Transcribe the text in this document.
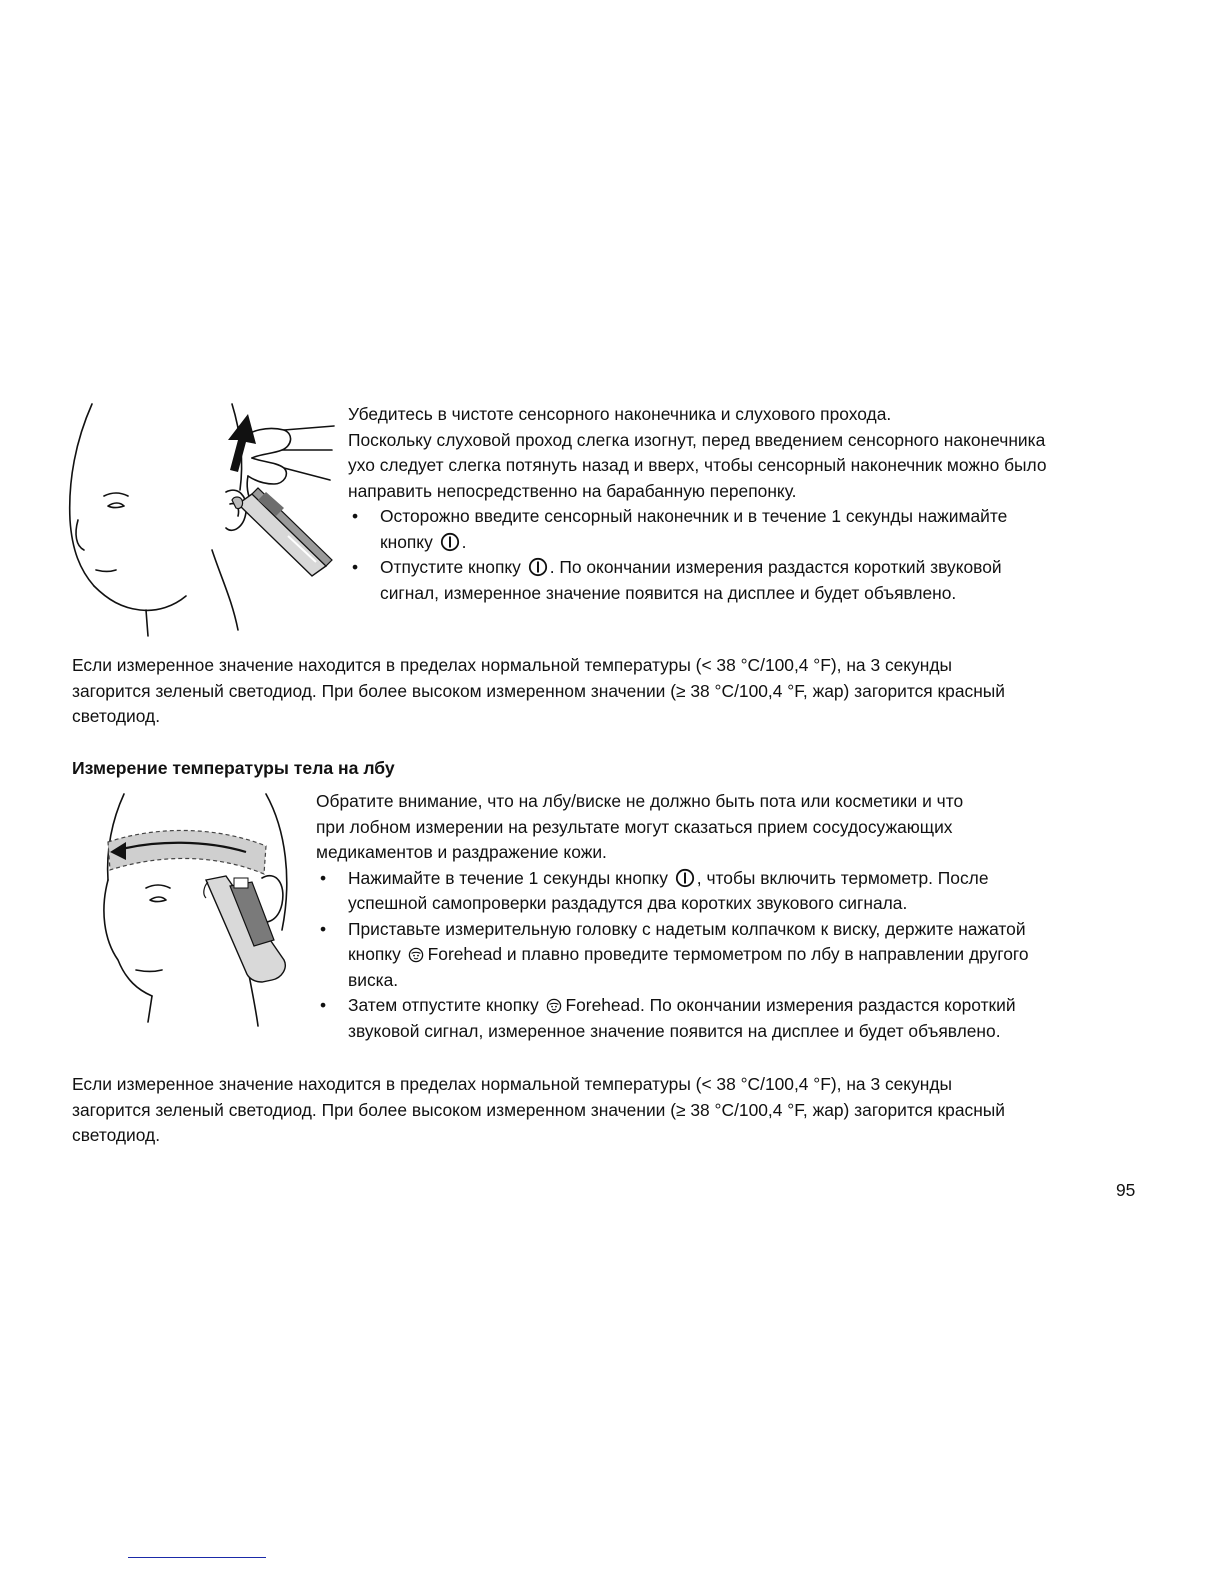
Убедитесь в чистоте сенсорного наконечника и слухового прохода.

Поскольку слуховой проход слегка изогнут, перед введением сенсорного наконечника

ухо следует слегка потянуть назад и вверх, чтобы сенсорный наконечник можно было

направить непосредственно на барабанную перепонку.

• Осторожно введите сенсорный наконечник и в течение 1 секунды нажимайте
кнопку .
• Отпустите кнопку . По окончании измерения раздастся короткий звуковой
сигнал, измеренное значение появится на дисплее и будет объявлено.

Если измеренное значение находится в пределах нормальной температуры (< 38 °C/100,4 °F), на 3 секунды

загорится зеленый светодиод. При более высоком измеренном значении (≥ 38 °C/100,4 °F, жар) загорится красный

светодиод.

Измерение температуры тела на лбу

Обратите внимание, что на лбу/виске не должно быть пота или косметики и что

при лобном измерении на результате могут сказаться прием сосудосужающих

медикаментов и раздражение кожи.

• Нажимайте в течение 1 секунды кнопку , чтобы включить термометр. После
успешной самопроверки раздадутся два коротких звукового сигнала.
• Приставьте измерительную головку с надетым колпачком к виску, держите нажатой
кнопку Forehead и плавно проведите термометром по лбу в направлении другого
виска.
• Затем отпустите кнопку Forehead. По окончании измерения раздастся короткий
звуковой сигнал, измеренное значение появится на дисплее и будет объявлено.

Если измеренное значение находится в пределах нормальной температуры (< 38 °C/100,4 °F), на 3 секунды

загорится зеленый светодиод. При более высоком измеренном значении (≥ 38 °C/100,4 °F, жар) загорится красный

светодиод.

95
